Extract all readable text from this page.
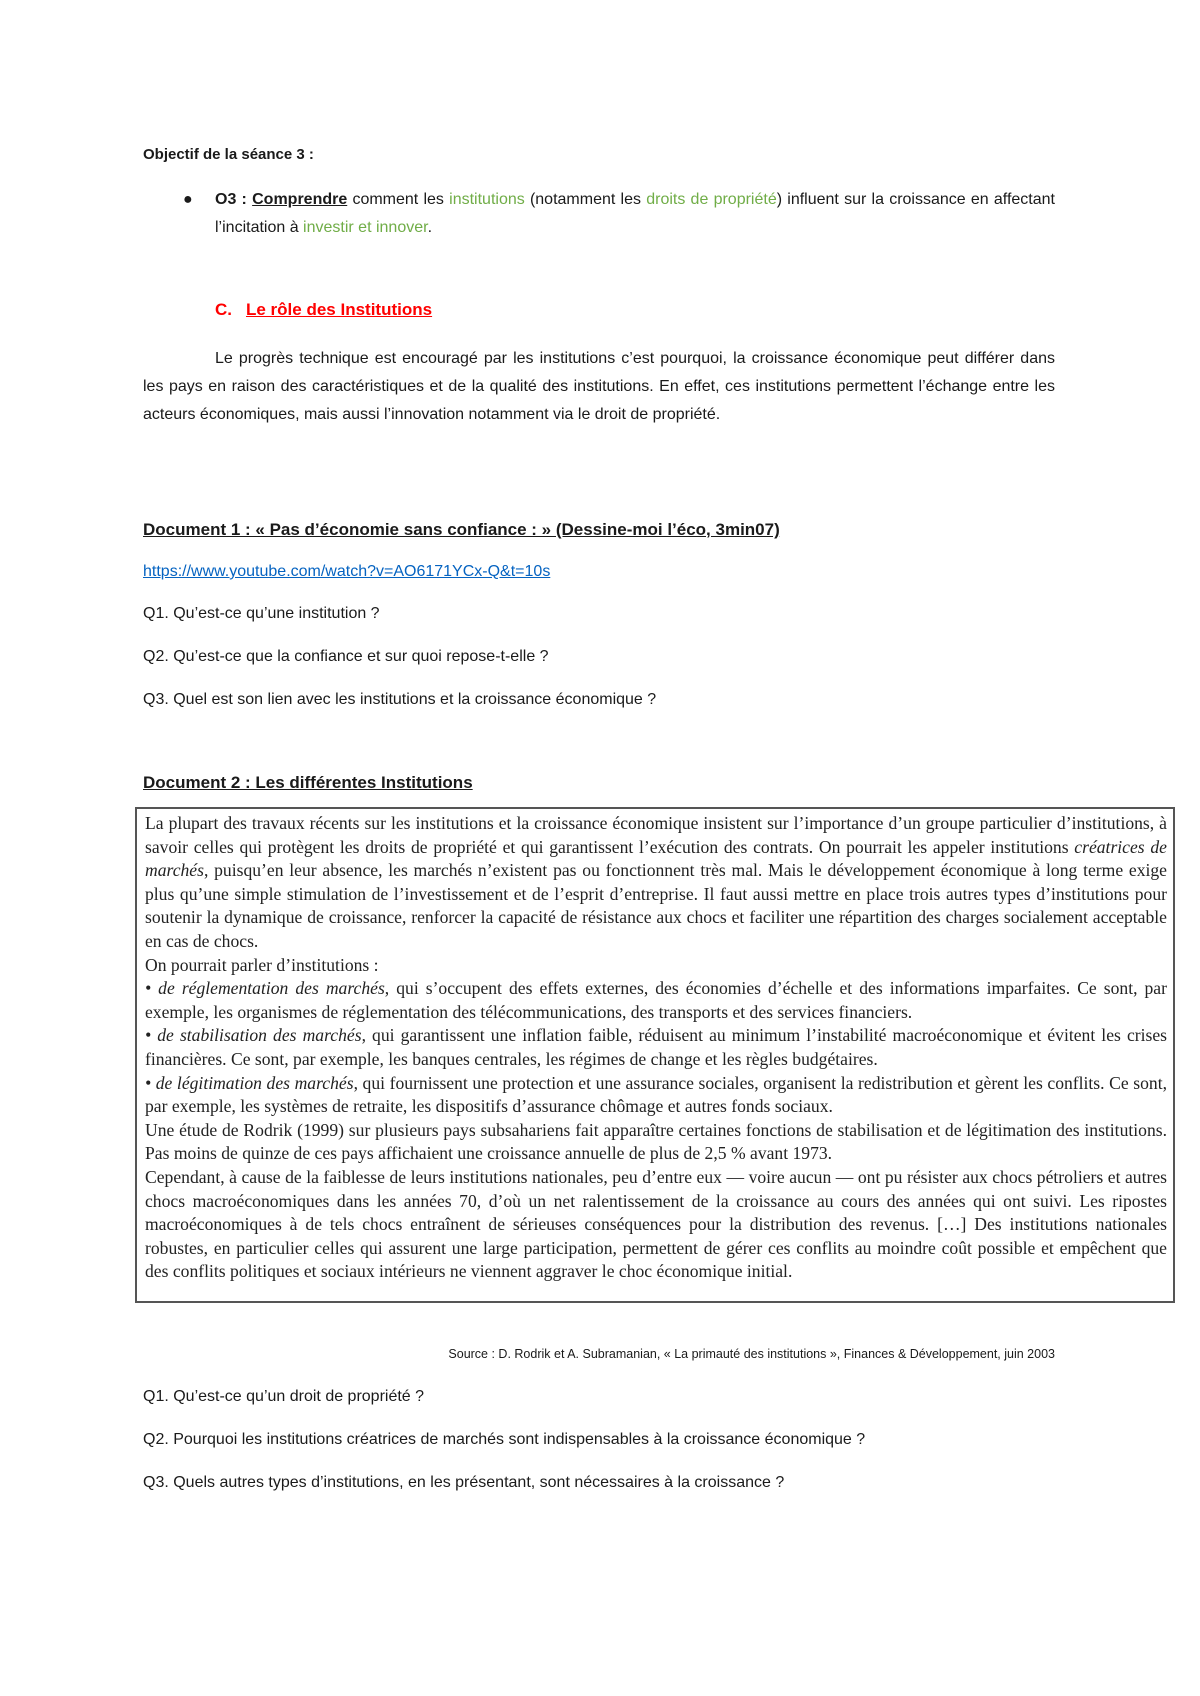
Objectif de la séance 3 :
● O3 : Comprendre comment les institutions (notamment les droits de propriété) influent sur la croissance en affectant l’incitation à investir et innover.
C. Le rôle des Institutions
Le progrès technique est encouragé par les institutions c’est pourquoi, la croissance économique peut différer dans les pays en raison des caractéristiques et de la qualité des institutions. En effet, ces institutions permettent l’échange entre les acteurs économiques, mais aussi l’innovation notamment via le droit de propriété.
Document 1 : « Pas d’économie sans confiance : » (Dessine-moi l’éco, 3min07)
https://www.youtube.com/watch?v=AO6171YCx-Q&t=10s
Q1. Qu’est-ce qu’une institution ?
Q2. Qu’est-ce que la confiance et sur quoi repose-t-elle ?
Q3. Quel est son lien avec les institutions et la croissance économique ?
Document 2 : Les différentes Institutions

La plupart des travaux récents sur les institutions et la croissance économique insistent sur l’importance d’un groupe particulier d’institutions, à savoir celles qui protègent les droits de propriété et qui garantissent l’exécution des contrats. On pourrait les appeler institutions créatrices de marchés, puisqu’en leur absence, les marchés n’existent pas ou fonctionnent très mal. Mais le développement économique à long terme exige plus qu’une simple stimulation de l’investissement et de l’esprit d’entreprise. Il faut aussi mettre en place trois autres types d’institutions pour soutenir la dynamique de croissance, renforcer la capacité de résistance aux chocs et faciliter une répartition des charges socialement acceptable en cas de chocs.

On pourrait parler d’institutions :

• de réglementation des marchés, qui s’occupent des effets externes, des économies d’échelle et des informations imparfaites. Ce sont, par exemple, les organismes de réglementation des télécommunications, des transports et des services financiers.

• de stabilisation des marchés, qui garantissent une inflation faible, réduisent au minimum l’instabilité macroéconomique et évitent les crises financières. Ce sont, par exemple, les banques centrales, les régimes de change et les règles budgétaires.

• de légitimation des marchés, qui fournissent une protection et une assurance sociales, organisent la redistribution et gèrent les conflits. Ce sont, par exemple, les systèmes de retraite, les dispositifs d’assurance chômage et autres fonds sociaux.

Une étude de Rodrik (1999) sur plusieurs pays subsahariens fait apparaître certaines fonctions de stabilisation et de légitimation des institutions. Pas moins de quinze de ces pays affichaient une croissance annuelle de plus de 2,5 % avant 1973.

Cependant, à cause de la faiblesse de leurs institutions nationales, peu d’entre eux — voire aucun — ont pu résister aux chocs pétroliers et autres chocs macroéconomiques dans les années 70, d’où un net ralentissement de la croissance au cours des années qui ont suivi. Les ripostes macroéconomiques à de tels chocs entraînent de sérieuses conséquences pour la distribution des revenus. […] Des institutions nationales robustes, en particulier celles qui assurent une large participation, permettent de gérer ces conflits au moindre coût possible et empêchent que des conflits politiques et sociaux intérieurs ne viennent aggraver le choc économique initial.

Source : D. Rodrik et A. Subramanian, « La primauté des institutions », Finances & Développement, juin 2003
Q1. Qu’est-ce qu’un droit de propriété ?
Q2. Pourquoi les institutions créatrices de marchés sont indispensables à la croissance économique ?
Q3. Quels autres types d’institutions, en les présentant, sont nécessaires à la croissance ?
